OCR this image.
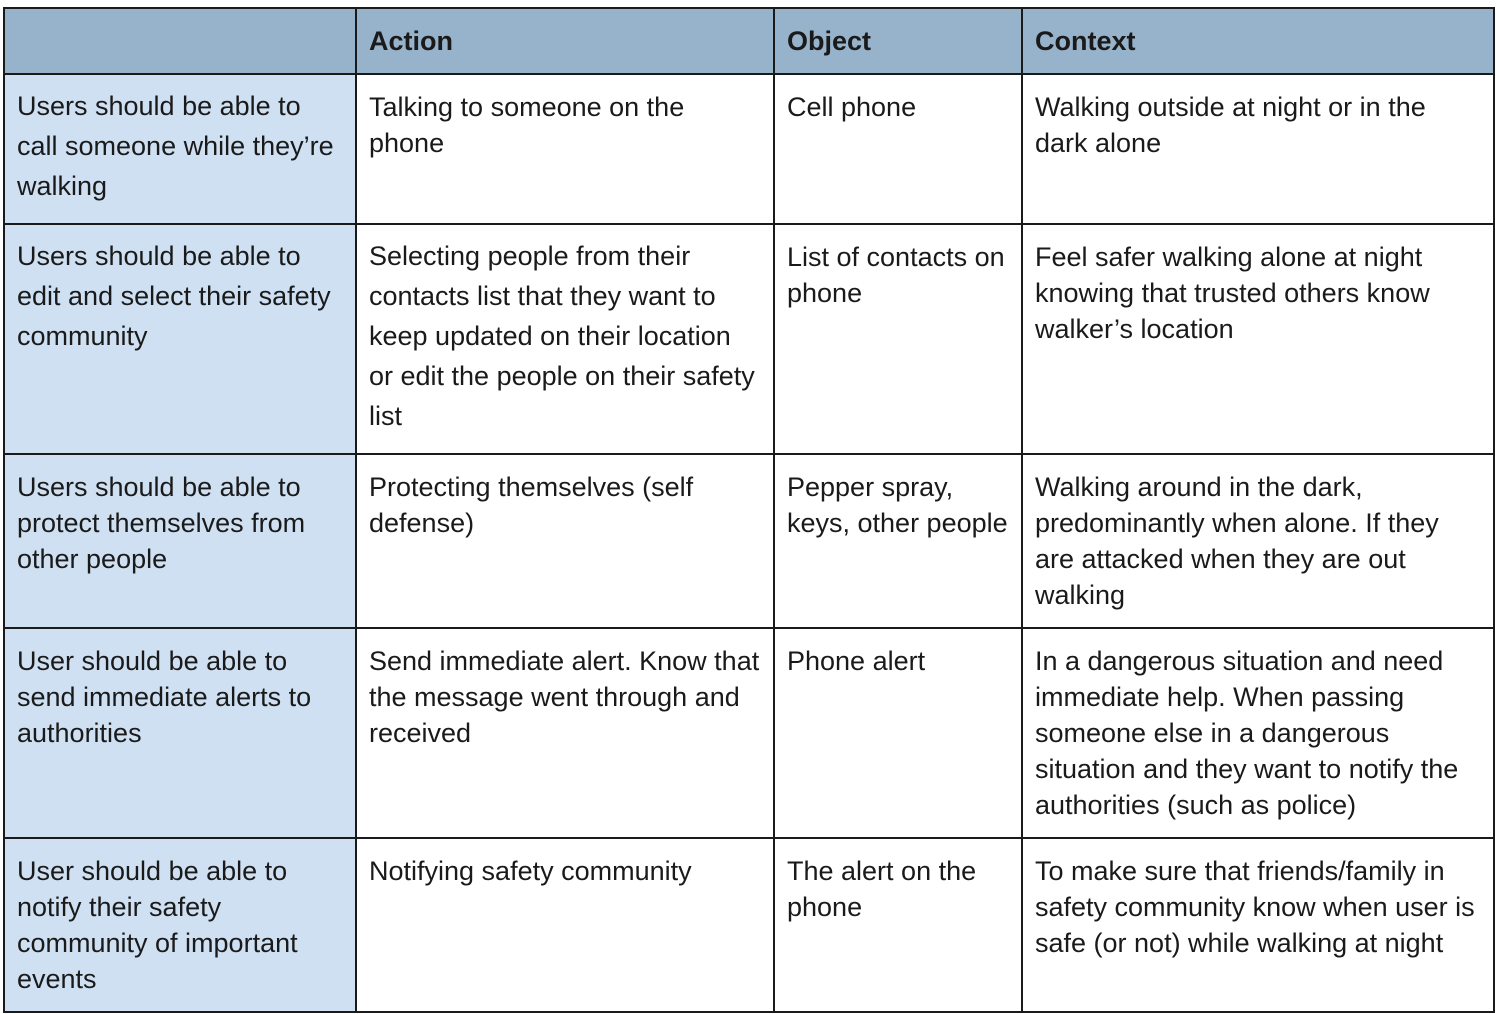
	Action	Object	Context

Users should be able to call someone while they’re walking	Talking to someone on the phone	Cell phone	Walking outside at night or in the dark alone

Users should be able to edit and select their safety community	Selecting people from their contacts list that they want to keep updated on their location or edit the people on their safety list	List of contacts on phone	Feel safer walking alone at night knowing that trusted others know walker’s location

Users should be able to protect themselves from other people	Protecting themselves (self defense)	Pepper spray, keys, other people	Walking around in the dark, predominantly when alone. If they are attacked when they are out walking

User should be able to send immediate alerts to authorities	Send immediate alert. Know that the message went through and received	Phone alert	In a dangerous situation and need immediate help. When passing someone else in a dangerous situation and they want to notify the authorities (such as police)

User should be able to notify their safety community of important events	Notifying safety community	The alert on the phone	To make sure that friends/family in safety community know when user is safe (or not) while walking at night
